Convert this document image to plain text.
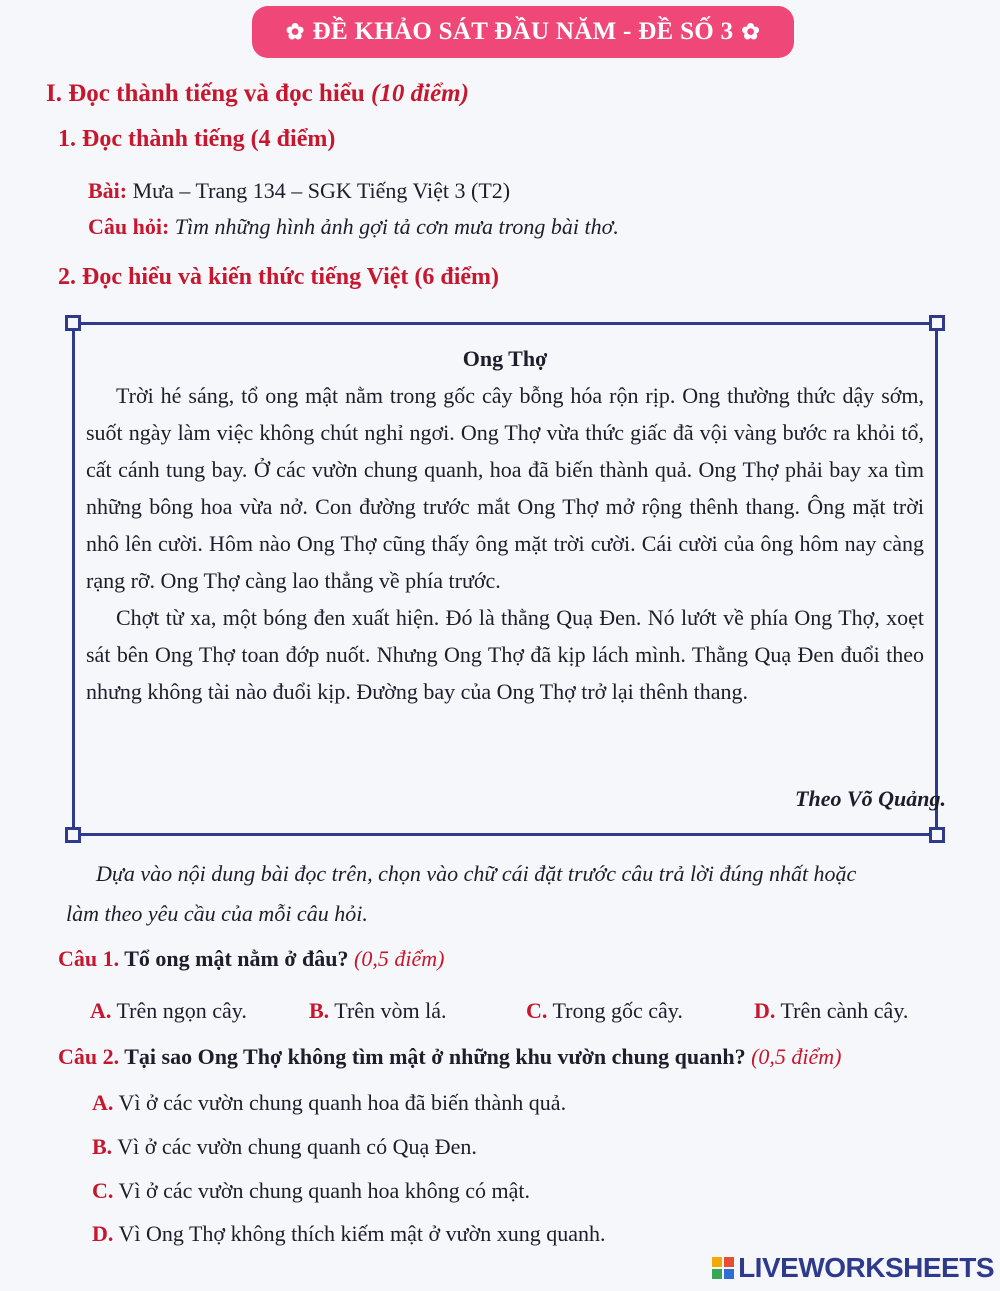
✿ ĐỀ KHẢO SÁT ĐẦU NĂM - ĐỀ SỐ 3 ✿
I. Đọc thành tiếng và đọc hiểu (10 điểm)
1. Đọc thành tiếng (4 điểm)
Bài: Mưa – Trang 134 – SGK Tiếng Việt 3 (T2)
Câu hỏi: Tìm những hình ảnh gợi tả cơn mưa trong bài thơ.
2. Đọc hiểu và kiến thức tiếng Việt (6 điểm)
Ong Thợ

Trời hé sáng, tổ ong mật nằm trong gốc cây bỗng hóa rộn rịp. Ong thường thức dậy sớm, suốt ngày làm việc không chút nghỉ ngơi. Ong Thợ vừa thức giấc đã vội vàng bước ra khỏi tổ, cất cánh tung bay. Ở các vườn chung quanh, hoa đã biến thành quả. Ong Thợ phải bay xa tìm những bông hoa vừa nở. Con đường trước mắt Ong Thợ mở rộng thênh thang. Ông mặt trời nhô lên cười. Hôm nào Ong Thợ cũng thấy ông mặt trời cười. Cái cười của ông hôm nay càng rạng rỡ. Ong Thợ càng lao thẳng về phía trước.

Chợt từ xa, một bóng đen xuất hiện. Đó là thằng Quạ Đen. Nó lướt về phía Ong Thợ, xoẹt sát bên Ong Thợ toan đớp nuốt. Nhưng Ong Thợ đã kịp lách mình. Thằng Quạ Đen đuổi theo nhưng không tài nào đuổi kịp. Đường bay của Ong Thợ trở lại thênh thang.

Theo Võ Quảng.
Dựa vào nội dung bài đọc trên, chọn vào chữ cái đặt trước câu trả lời đúng nhất hoặc làm theo yêu cầu của mỗi câu hỏi.
Câu 1. Tổ ong mật nằm ở đâu? (0,5 điểm)
A. Trên ngọn cây.	B. Trên vòm lá.	C. Trong gốc cây.	D. Trên cành cây.
Câu 2. Tại sao Ong Thợ không tìm mật ở những khu vườn chung quanh? (0,5 điểm)
A. Vì ở các vườn chung quanh hoa đã biến thành quả.
B. Vì ở các vườn chung quanh có Quạ Đen.
C. Vì ở các vườn chung quanh hoa không có mật.
D. Vì Ong Thợ không thích kiếm mật ở vườn xung quanh.
LIVEWORKSHEETS
